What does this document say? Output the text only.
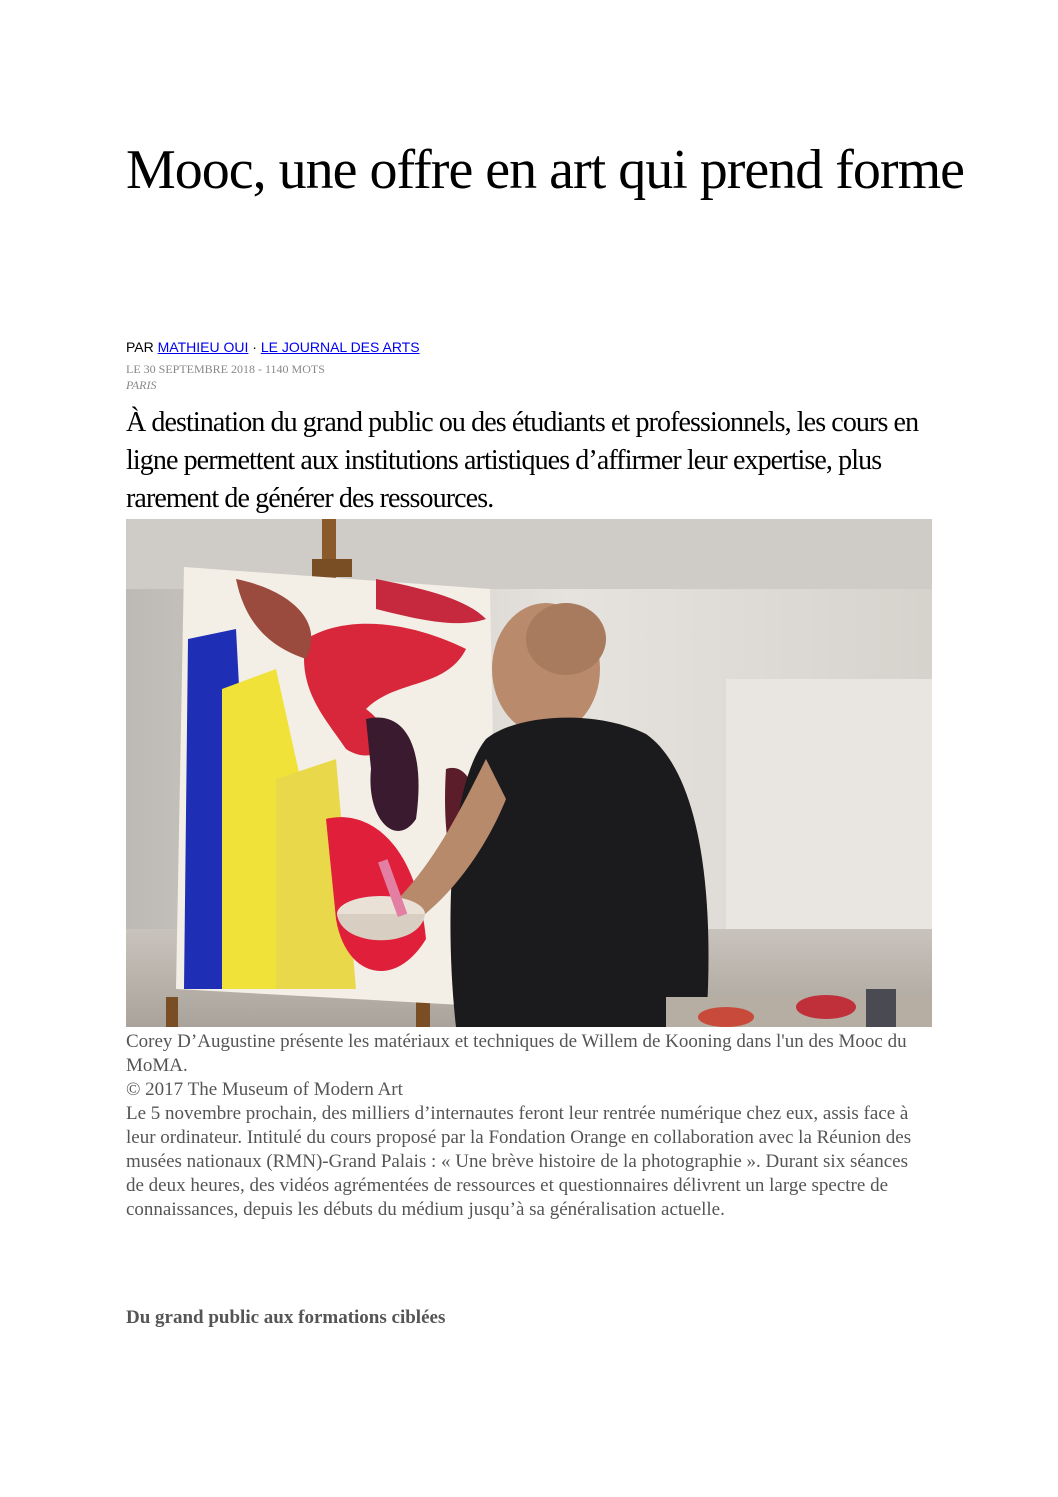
Mooc, une offre en art qui prend forme
PAR MATHIEU OUI · LE JOURNAL DES ARTS
LE 30 SEPTEMBRE 2018 - 1140 MOTS
PARIS

À destination du grand public ou des étudiants et professionnels, les cours en ligne permettent aux institutions artistiques d’affirmer leur expertise, plus rarement de générer des ressources.

Corey D’Augustine présente les matériaux et techniques de Willem de Kooning dans l'un des Mooc du MoMA.

© 2017 The Museum of Modern Art

Le 5 novembre prochain, des milliers d’internautes feront leur rentrée numérique chez eux, assis face à leur ordinateur. Intitulé du cours proposé par la Fondation Orange en collaboration avec la Réunion des musées nationaux (RMN)-Grand Palais : « Une brève histoire de la photographie ». Durant six séances de deux heures, des vidéos agrémentées de ressources et questionnaires délivrent un large spectre de connaissances, depuis les débuts du médium jusqu’à sa généralisation actuelle.

Du grand public aux formations ciblées
